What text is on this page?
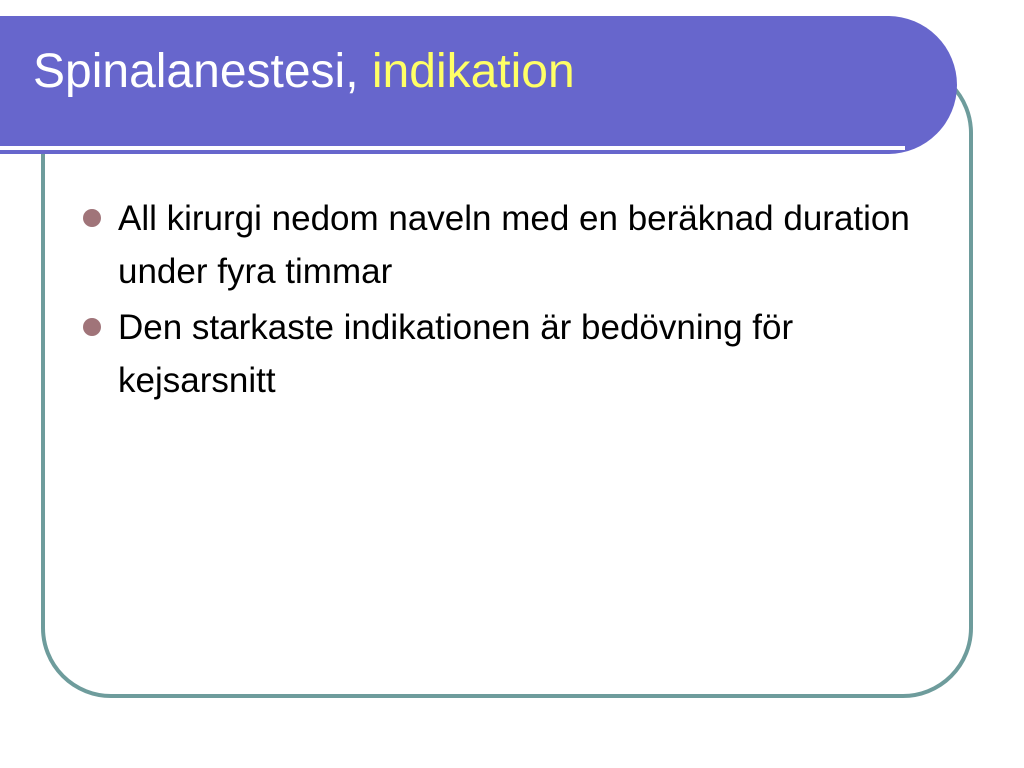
Spinalanestesi, indikation
All kirurgi nedom naveln med en beräknad duration under fyra timmar
Den starkaste indikationen är bedövning för kejsarsnitt
